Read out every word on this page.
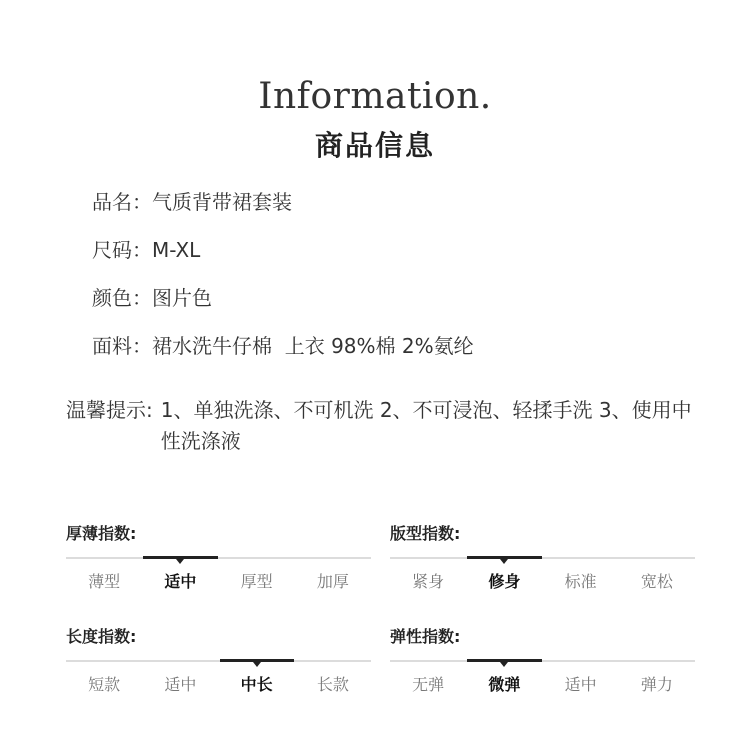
Information.
商品信息
品名：气质背带裙套装
尺码：M-XL
颜色：图片色
面料：裙水洗牛仔棉  上衣 98%棉 2%氨纶
温馨提示: 1、单独洗涤、不可机洗 2、不可浸泡、轻揉手洗 3、使用中性洗涤液
厚薄指数:
薄型	适中	厚型	加厚
版型指数:
紧身	修身	标准	宽松
长度指数:
短款	适中	中长	长款
弹性指数:
无弹	微弹	适中	弹力
